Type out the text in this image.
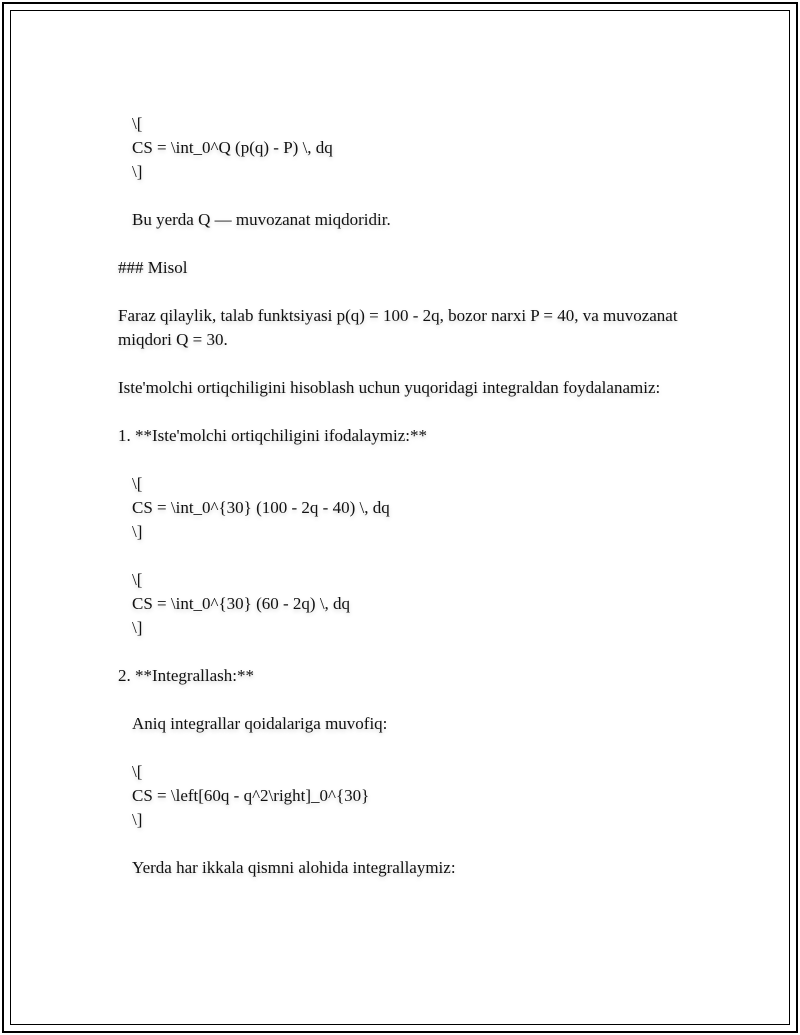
\[

CS = \int_0^Q (p(q) - P) \, dq

\]

Bu yerda Q — muvozanat miqdoridir.

### Misol

Faraz qilaylik, talab funktsiyasi p(q) = 100 - 2q, bozor narxi P = 40, va muvozanat miqdori Q = 30.

Iste'molchi ortiqchiligini hisoblash uchun yuqoridagi integraldan foydalanamiz:

1. **Iste'molchi ortiqchiligini ifodalaymiz:**

\[

CS = \int_0^{30} (100 - 2q - 40) \, dq

\]

\[

CS = \int_0^{30} (60 - 2q) \, dq

\]

2. **Integrallash:**

Aniq integrallar qoidalariga muvofiq:

\[

CS = \left[60q - q^2\right]_0^{30}

\]

Yerda har ikkala qismni alohida integrallaymiz:
